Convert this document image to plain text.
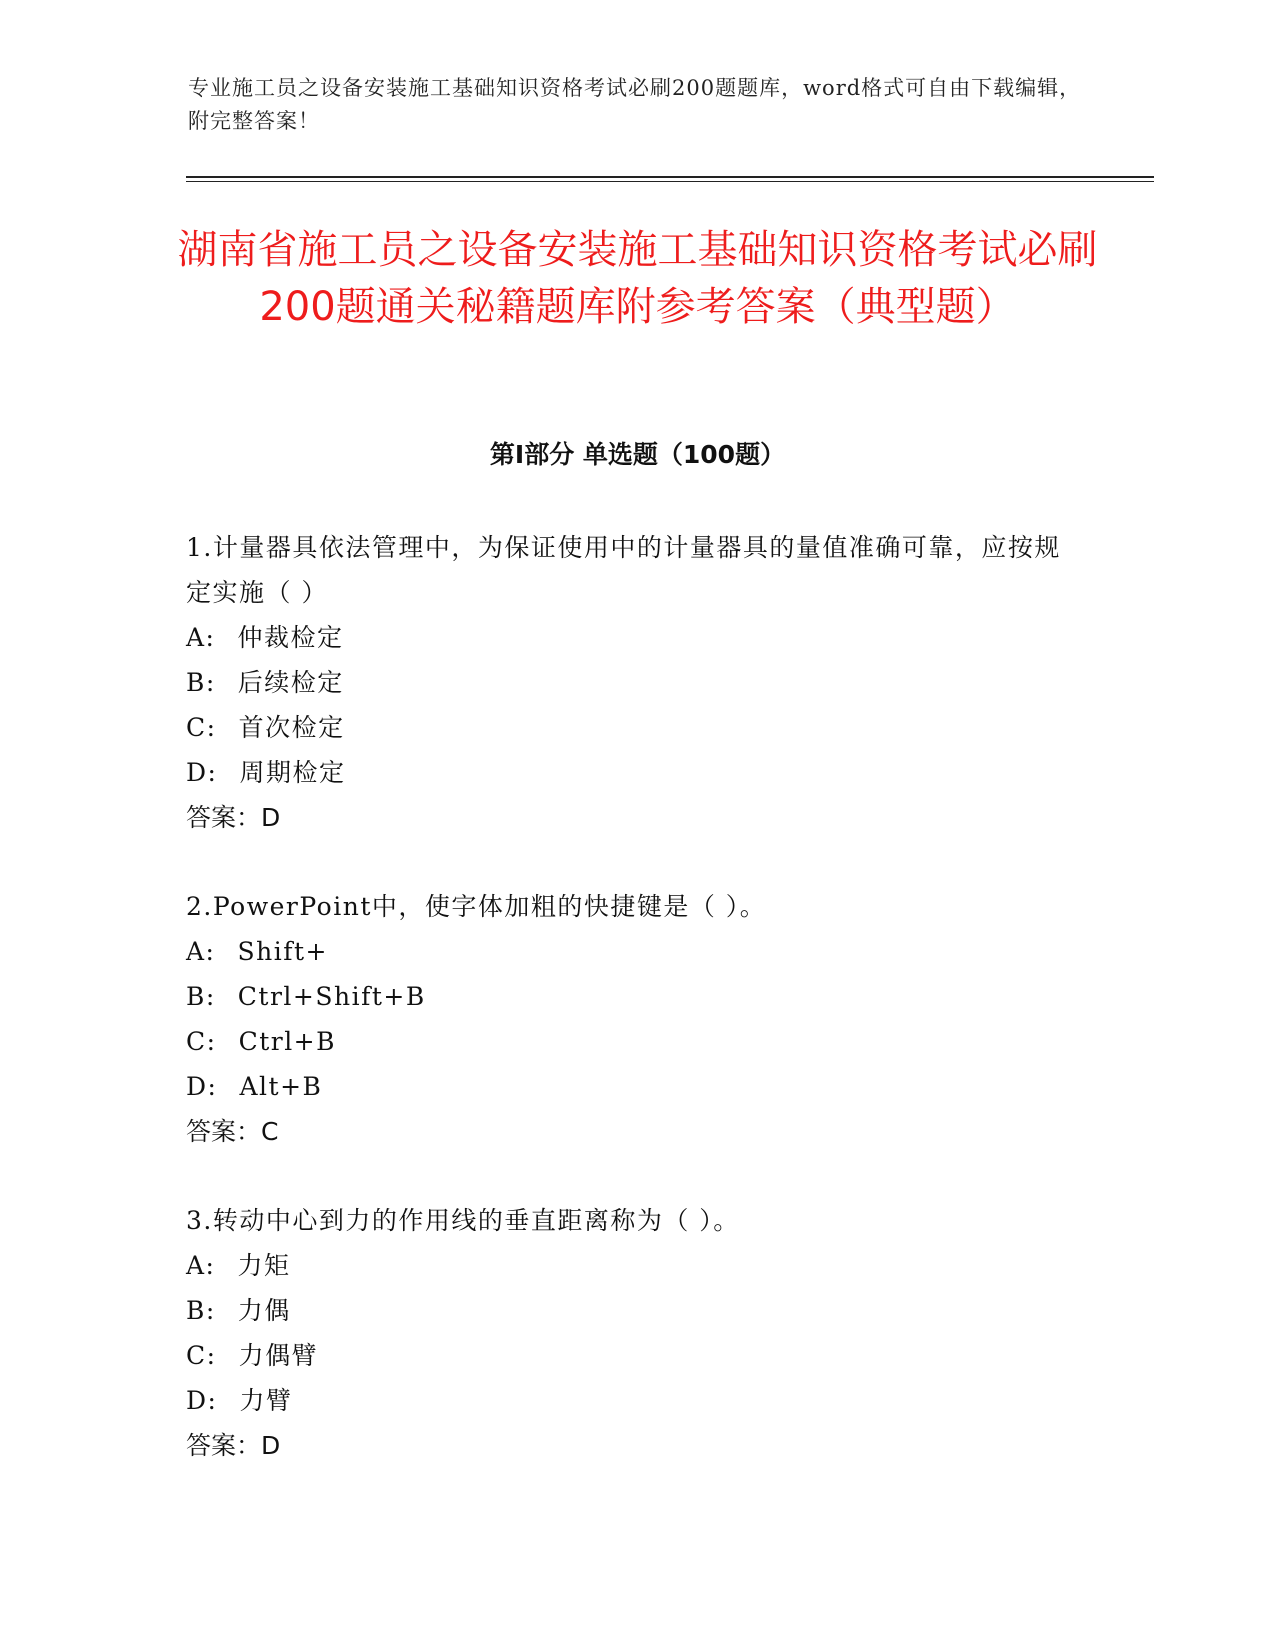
专业施工员之设备安装施工基础知识资格考试必刷200题题库，word格式可自由下载编辑，附完整答案！
湖南省施工员之设备安装施工基础知识资格考试必刷200题通关秘籍题库附参考答案（典型题）
第I部分 单选题（100题）

1.计量器具依法管理中，为保证使用中的计量器具的量值准确可靠，应按规定实施（ ）

A: 仲裁检定

B: 后续检定

C: 首次检定

D: 周期检定

答案：D

2.PowerPoint中，使字体加粗的快捷键是（ ）。

A: Shift+

B: Ctrl+Shift+B

C: Ctrl+B

D: Alt+B

答案：C

3.转动中心到力的作用线的垂直距离称为（ ）。

A: 力矩

B: 力偶

C: 力偶臂

D: 力臂

答案：D
